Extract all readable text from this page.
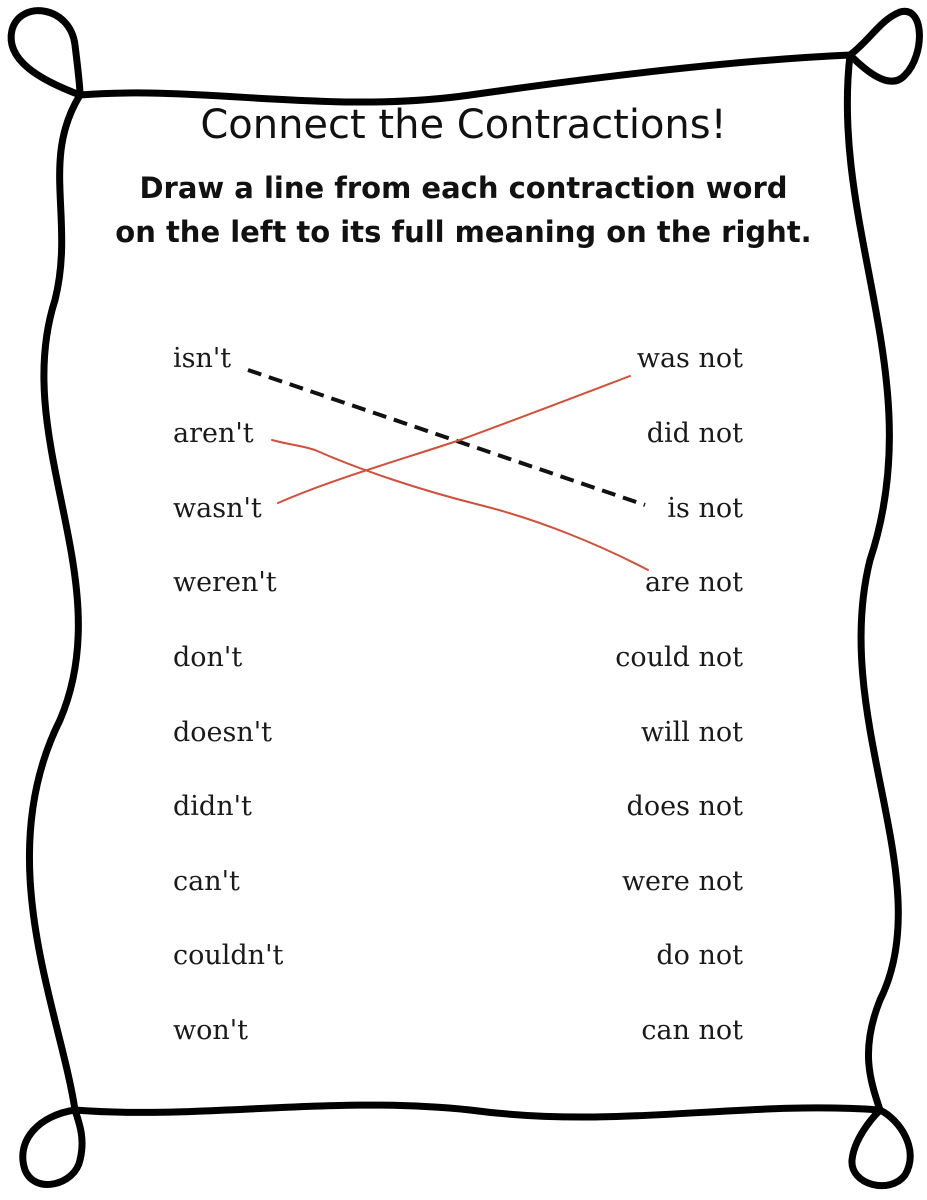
Connect the Contractions!
Draw a line from each contraction word
on the left to its full meaning on the right.
isn't
aren't
wasn't
weren't
don't
doesn't
didn't
can't
couldn't
won't
was not
did not
is not
are not
could not
will not
does not
were not
do not
can not
